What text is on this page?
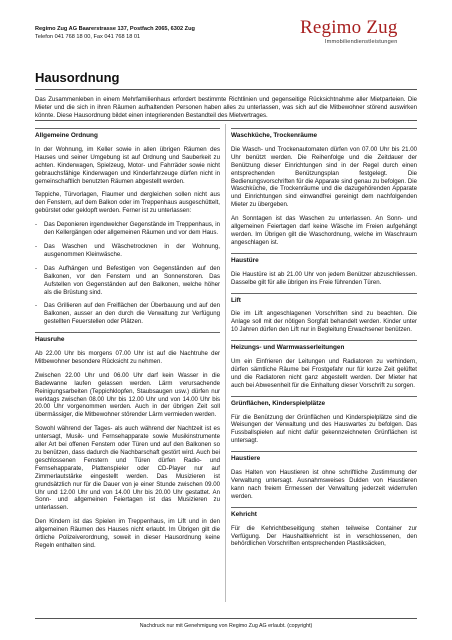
Regimo Zug AG Baarerstrasse 137, Postfach 2065, 6302 Zug
Telefon 041 768 18 00, Fax 041 768 18 01	Regimo Zug
Immobiliendienstleistungen
Hausordnung

Das Zusammenleben in einem Mehrfamilienhaus erfordert bestimmte Richtlinien und gegenseitige Rücksichtnahme aller Mietparteien. Die Mieter und die sich in ihren Räumen aufhaltenden Personen haben alles zu unterlassen, was sich auf die Mitbewohner störend auswirken könnte. Diese Hausordnung bildet einen integrierenden Bestandteil des Mietvertrages.

Allgemeine Ordnung

In der Wohnung, im Keller sowie in allen übrigen Räumen des Hauses und seiner Umgebung ist auf Ordnung und Sauberkeit zu achten. Kinderwagen, Spielzeug, Motor- und Fahrräder sowie nicht gebrauchsfähige Kinderwagen und Kinderfahrzeuge dürfen nicht in gemeinschaftlich benutzten Räumen abgestellt werden.

Teppiche, Türvorlagen, Flaumer und dergleichen sollen nicht aus den Fenstern, auf dem Balkon oder im Treppenhaus ausgeschüttelt, gebürstet oder geklopft werden. Ferner ist zu unterlassen:

-	Das Deponieren irgendwelcher Gegenstände im Treppenhaus, in den Kellergängen oder allgemeinen Räumen und vor dem Haus.
-	Das Waschen und Wäschetrocknen in der Wohnung, ausgenommen Kleinwäsche.
-	Das Aufhängen und Befestigen von Gegenständen auf den Balkonen, vor den Fenstern und an Sonnenstoren. Das Aufstellen von Gegenständen auf den Balkonen, welche höher als die Brüstung sind.
-	Das Grillieren auf den Freiflächen der Überbauung und auf den Balkonen, ausser an den durch die Verwaltung zur Verfügung gestellten Feuerstellen oder Plätzen.
Hausruhe

Ab 22.00 Uhr bis morgens 07.00 Uhr ist auf die Nachtruhe der Mitbewohner besondere Rücksicht zu nehmen.

Zwischen 22.00 Uhr und 06.00 Uhr darf kein Wasser in die Badewanne laufen gelassen werden. Lärm verursachende Reinigungsarbeiten (Teppichklopfen, Staubsaugen usw.) dürfen nur werktags zwischen 08.00 Uhr bis 12.00 Uhr und von 14.00 Uhr bis 20.00 Uhr vorgenommen werden. Auch in der übrigen Zeit soll übermässiger, die Mitbewohner störender Lärm vermieden werden.

Sowohl während der Tages- als auch während der Nachtzeit ist es untersagt, Musik- und Fernsehapparate sowie Musikinstrumente aller Art bei offenen Fenstern oder Türen und auf den Balkonen so zu benützen, dass dadurch die Nachbarschaft gestört wird. Auch bei geschlossenen Fenstern und Türen dürfen Radio- und Fernsehapparate, Plattenspieler oder CD-Player nur auf Zimmerlautstärke eingestellt werden. Das Musizieren ist grundsätzlich nur für die Dauer von je einer Stunde zwischen 09.00 Uhr und 12.00 Uhr und von 14.00 Uhr bis 20.00 Uhr gestattet. An Sonn- und allgemeinen Feiertagen ist das Musizieren zu unterlassen.

Den Kindern ist das Spielen im Treppenhaus, im Lift und in den allgemeinen Räumen des Hauses nicht erlaubt. Im Übrigen gilt die örtliche Polizeiverordnung, soweit in dieser Hausordnung keine Regeln enthalten sind.

Waschküche, Trockenräume

Die Wasch- und Trockenautomaten dürfen von 07.00 Uhr bis 21.00 Uhr benützt werden. Die Reihenfolge und die Zeitdauer der Benützung dieser Einrichtungen sind in der Regel durch einen entsprechenden Benützungsplan festgelegt. Die Bedienungsvorschriften für die Apparate sind genau zu befolgen. Die Waschküche, die Trockenräume und die dazugehörenden Apparate und Einrichtungen sind einwandfrei gereinigt dem nachfolgenden Mieter zu übergeben.

An Sonntagen ist das Waschen zu unterlassen. An Sonn- und allgemeinen Feiertagen darf keine Wäsche im Freien aufgehängt werden. Im Übrigen gilt die Waschordnung, welche im Waschraum angeschlagen ist.

Haustüre

Die Haustüre ist ab 21.00 Uhr von jedem Benützer abzuschliessen. Dasselbe gilt für alle übrigen ins Freie führenden Türen.

Lift

Die im Lift angeschlagenen Vorschriften sind zu beachten. Die Anlage soll mit der nötigen Sorgfalt behandelt werden. Kinder unter 10 Jahren dürfen den Lift nur in Begleitung Erwachsener benützen.

Heizungs- und Warmwasserleitungen

Um ein Einfrieren der Leitungen und Radiatoren zu verhindern, dürfen sämtliche Räume bei Frostgefahr nur für kurze Zeit gelüftet und die Radiatoren nicht ganz abgestellt werden. Der Mieter hat auch bei Abwesenheit für die Einhaltung dieser Vorschrift zu sorgen.

Grünflächen, Kinderspielplätze

Für die Benützung der Grünflächen und Kinderspielplätze sind die Weisungen der Verwaltung und des Hauswartes zu befolgen. Das Fussballspielen auf nicht dafür gekennzeichneten Grünflächen ist untersagt.

Haustiere

Das Halten von Haustieren ist ohne schriftliche Zustimmung der Verwaltung untersagt. Ausnahmsweises Dulden von Haustieren kann nach freiem Ermessen der Verwaltung jederzeit widerrufen werden.

Kehricht

Für die Kehrichtbeseitigung stehen teilweise Container zur Verfügung. Der Haushaltkehricht ist in verschlossenen, den behördlichen Vorschriften entsprechenden Plastiksäcken,

Nachdruck nur mit Genehmigung von Regimo Zug AG erlaubt. (copyright)
